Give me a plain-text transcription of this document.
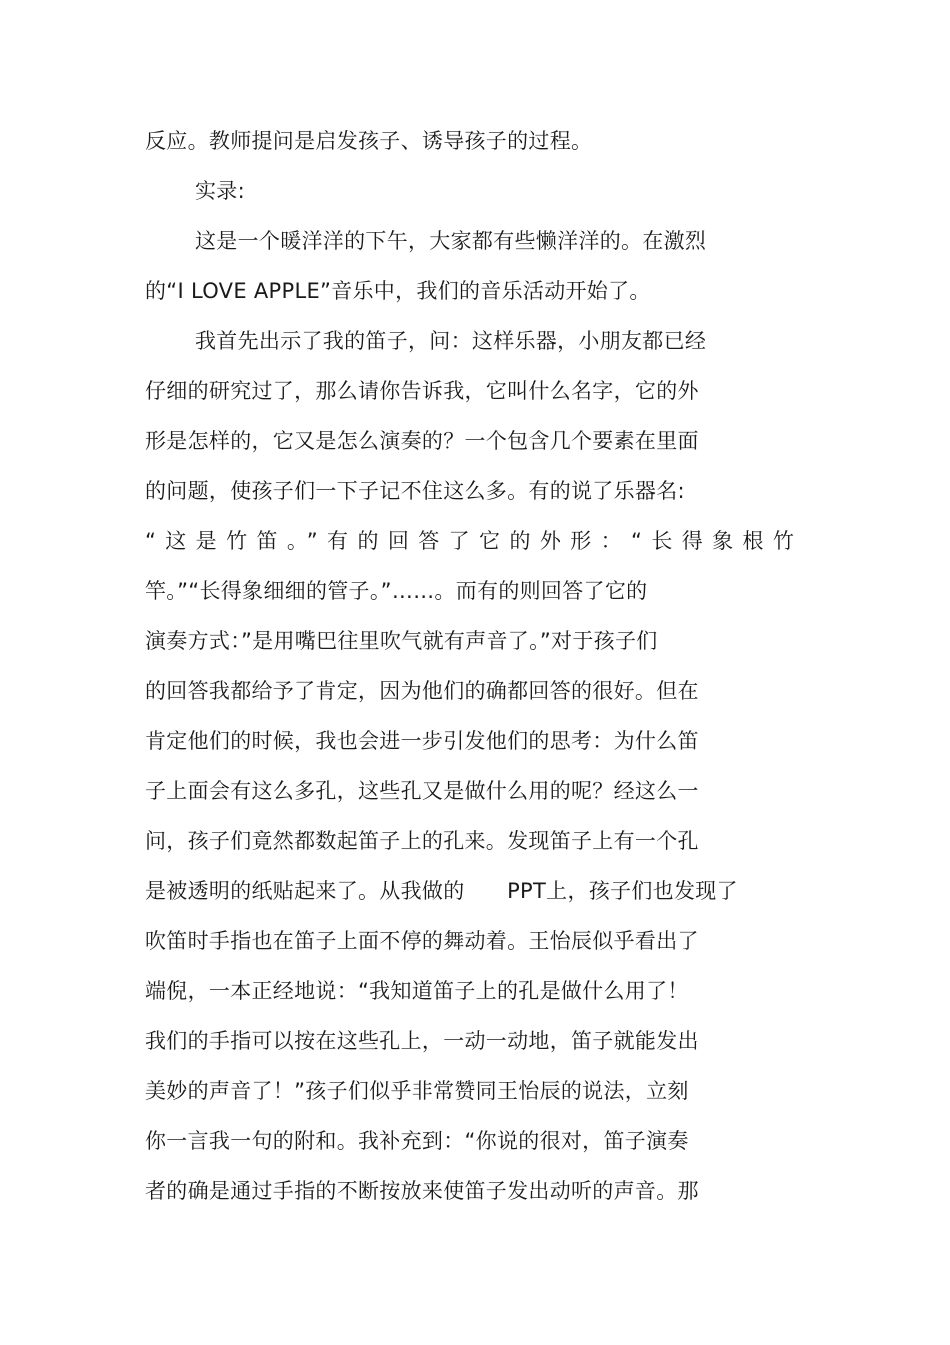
反应。教师提问是启发孩子、诱导孩子的过程。
实录:
这是一个暖洋洋的下午，大家都有些懒洋洋的。在激烈
的“I LOVE APPLE”音乐中，我们的音乐活动开始了。
我首先出示了我的笛子，问：这样乐器，小朋友都已经
仔细的研究过了，那么请你告诉我，它叫什么名字，它的外
形是怎样的，它又是怎么演奏的？一个包含几个要素在里面
的问题，使孩子们一下子记不住这么多。有的说了乐器名:
“这是竹笛。”有的回答了它的外形：“长得象根竹
竿。”“长得象细细的管子。”……。而有的则回答了它的
演奏方式：”是用嘴巴往里吹气就有声音了。”对于孩子们
的回答我都给予了肯定，因为他们的确都回答的很好。但在
肯定他们的时候，我也会进一步引发他们的思考：为什么笛
子上面会有这么多孔，这些孔又是做什么用的呢？经这么一
问，孩子们竟然都数起笛子上的孔来。发现笛子上有一个孔
是被透明的纸贴起来了。从我做的　　PPT上，孩子们也发现了
吹笛时手指也在笛子上面不停的舞动着。王怡辰似乎看出了
端倪，一本正经地说：“我知道笛子上的孔是做什么用了！
我们的手指可以按在这些孔上，一动一动地，笛子就能发出
美妙的声音了！”孩子们似乎非常赞同王怡辰的说法，立刻
你一言我一句的附和。我补充到：“你说的很对，笛子演奏
者的确是通过手指的不断按放来使笛子发出动听的声音。那
